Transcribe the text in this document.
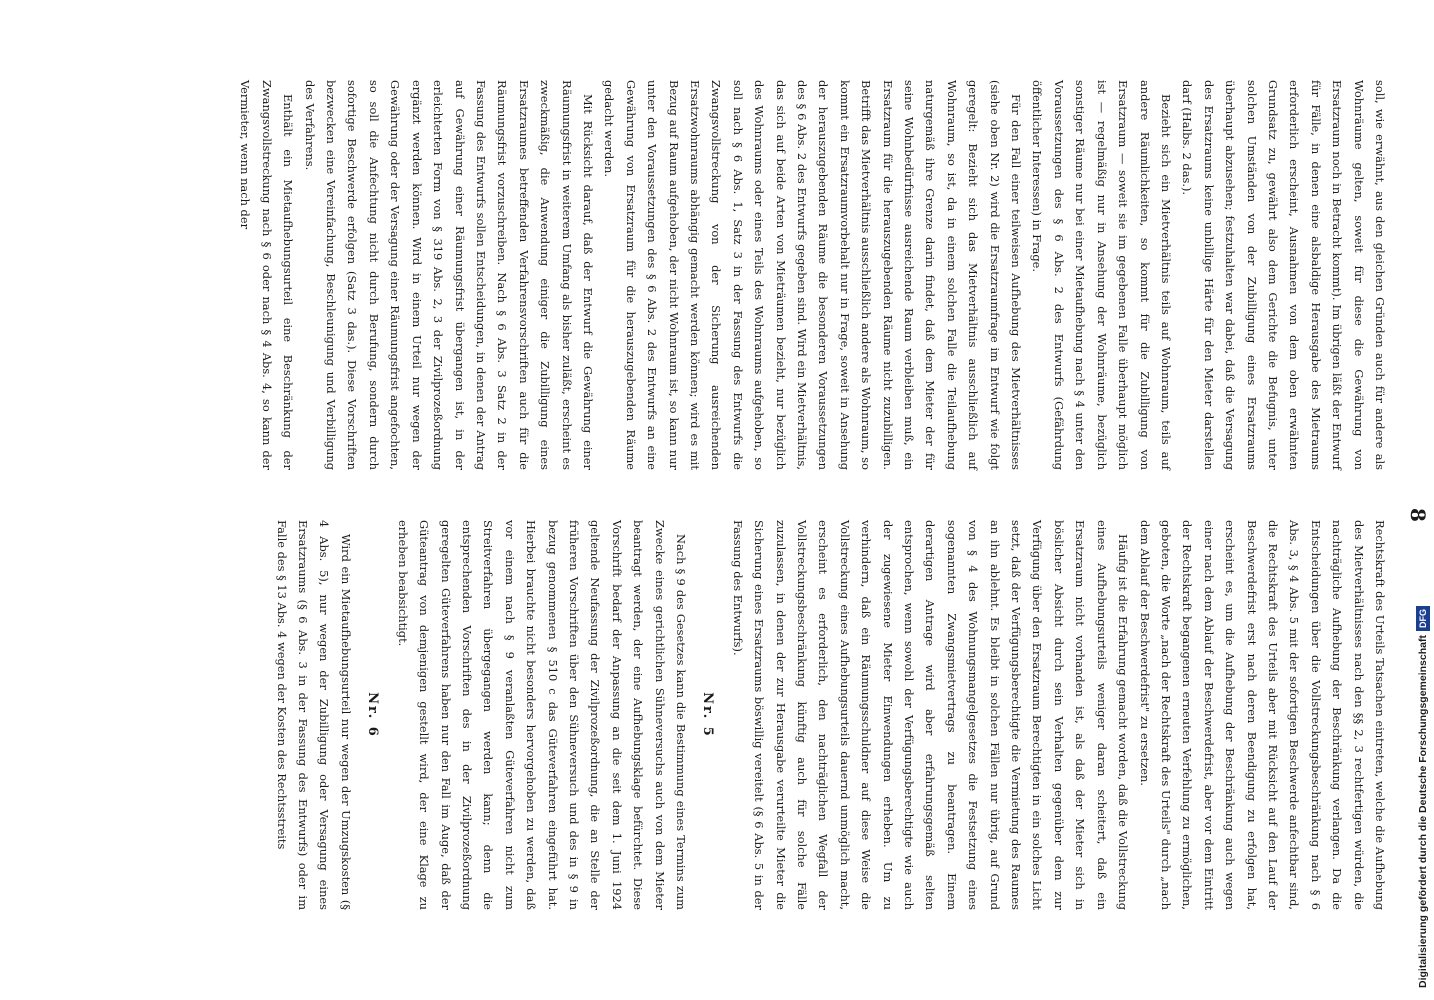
8

soll, wie erwähnt, aus den gleichen Gründen auch für andere als Wohnräume gelten, soweit für diese die Gewährung von Ersatzraum noch in Betracht kommt). Im übrigen läßt der Entwurf für Fälle, in denen eine alsbaldige Herausgabe des Mietraums erforderlich erscheint, Ausnahmen von dem oben erwähnten Grundsatz zu, gewährt also dem Gerichte die Befugnis, unter solchen Umständen von der Zubilligung eines Ersatzraums überhaupt abzusehen; festzuhalten war dabei, daß die Versagung des Ersatzraums keine unbillige Härte für den Mieter darstellen darf (Halbs. 2 das.).

Bezieht sich ein Mietverhältnis teils auf Wohnraum, teils auf andere Räumlichkeiten, so kommt für die Zubilligung von Ersatzraum — soweit sie im gegebenen Falle überhaupt möglich ist — regelmäßig nur in Ansehung der Wohnräume, bezüglich sonstiger Räume nur bei einer Mietaufhebung nach § 4 unter den Voraussetzungen des § 6 Abs. 2 des Entwurfs (Gefährdung öffentlicher Interessen) in Frage.

Für den Fall einer teilweisen Aufhebung des Mietverhältnisses (siehe oben Nr. 2) wird die Ersatzraumfrage im Entwurf wie folgt geregelt: Bezieht sich das Mietverhältnis ausschließlich auf Wohnraum, so ist, da in einem solchen Falle die Teilaufhebung naturgemäß ihre Grenze darin findet, daß dem Mieter der für seine Wohnbedürfnisse ausreichende Raum verbleiben muß, ein Ersatzraum für die herauszugebenden Räume nicht zuzubilligen. Betrifft das Mietverhältnis ausschließlich andere als Wohnraum, so kommt ein Ersatzraumvorbehalt nur in Frage, soweit in Ansehung der herauszugebenden Räume die besonderen Voraussetzungen des § 6 Abs. 2 des Entwurfs gegeben sind. Wird ein Mietverhältnis, das sich auf beide Arten von Mieträumen bezieht, nur bezüglich des Wohnraums oder eines Teils des Wohnraums aufgehoben, so soll nach § 6 Abs. 1, Satz 3 in der Fassung des Entwurfs die Zwangsvollstreckung von der Sicherung ausreichenden Ersatzwohnraums abhängig gemacht werden können; wird es mit Bezug auf Raum aufgehoben, der nicht Wohnraum ist, so kann nur unter den Voraussetzungen des § 6 Abs. 2 des Entwurfs an eine Gewährung von Ersatzraum für die herauszugebenden Räume gedacht werden.

Mit Rücksicht darauf, daß der Entwurf die Gewährung einer Räumungsfrist in weiterem Umfang als bisher zuläßt, erscheint es zweckmäßig, die Anwendung einiger die Zubilligung eines Ersatzraumes betreffenden Verfahrensvorschriften auch für die Räumungsfrist vorzuschreiben. Nach § 6 Abs. 3 Satz 2 in der Fassung des Entwurfs sollen Entscheidungen, in denen der Antrag auf Gewährung einer Räumungsfrist übergangen ist, in der erleichterten Form von § 319 Abs. 2, 3 der Zivilprozeßordnung ergänzt werden können. Wird in einem Urteil nur wegen der Gewährung oder der Versagung einer Räumungsfrist angefochten, so soll die Anfechtung nicht durch Berufung, sondern durch sofortige Beschwerde erfolgen (Satz 3 das.). Diese Vorschriften bezwecken eine Vereinfachung, Beschleunigung und Verbilligung des Verfahrens.

Enthält ein Mietaufhebungsurteil eine Beschränkung der Zwangsvollstreckung nach § 6 oder nach § 4 Abs. 4, so kann der Vermieter, wenn nach der

Rechtskraft des Urteils Tatsachen eintreten, welche die Aufhebung des Mietverhältnisses nach den §§ 2, 3 rechtfertigen würden, die nachträgliche Aufhebung der Beschränkung verlangen. Da die Entscheidungen über die Vollstreckungsbeschränkung nach § 6 Abs. 3, § 4 Abs. 5 mit der sofortigen Beschwerde anfechtbar sind, die Rechtskraft des Urteils aber mit Rücksicht auf den Lauf der Beschwerdefrist erst nach deren Beendigung zu erfolgen hat, erscheint es, um die Aufhebung der Beschränkung auch wegen einer nach dem Ablauf der Beschwerdefrist, aber vor dem Eintritt der Rechtskraft begangenen erneuten Verfehlung zu ermöglichen, geboten, die Worte „nach der Rechtskraft des Urteils" durch „nach dem Ablauf der Beschwerdefrist" zu ersetzen.

Häufig ist die Erfahrung gemacht worden, daß die Vollstreckung eines Aufhebungsurteils weniger daran scheitert, daß ein Ersatzraum nicht vorhanden ist, als daß der Mieter sich in böslicher Absicht durch sein Verhalten gegenüber dem zur Verfügung über den Ersatzraum Berechtigten in ein solches Licht setzt, daß der Verfügungsberechtigte die Vermietung des Raumes an ihn ablehnt. Es bleibt in solchen Fällen nur übrig, auf Grund von § 4 des Wohnungsmangelgesetzes die Festsetzung eines sogenannten Zwangsmietvertrags zu beantragen. Einem derartigen Antrage wird aber erfahrungsgemäß selten entsprochen, wenn sowohl der Verfügungsberechtigte wie auch der zugewiesene Mieter Einwendungen erheben. Um zu verhindern, daß ein Räumungsschuldner auf diese Weise die Vollstreckung eines Aufhebungsurteils dauernd unmöglich macht, erscheint es erforderlich, den nachträglichen Wegfall der Vollstreckungsbeschränkung künftig auch für solche Fälle zuzulassen, in denen der zur Herausgabe verurteilte Mieter die Sicherung eines Ersatzraums böswillig vereitelt (§ 6 Abs. 5 in der Fassung des Entwurfs).

Nr. 5

Nach § 9 des Gesetzes kann die Bestimmung eines Termins zum Zwecke eines gerichtlichen Sühneversuchs auch von dem Mieter beantragt werden, der eine Aufhebungsklage befürchtet. Diese Vorschrift bedarf der Anpassung an die seit dem 1. Juni 1924 geltende Neufassung der Zivilprozeßordnung, die an Stelle der früheren Vorschriften über den Sühneversuch und des in § 9 in bezug genommenen § 510 c das Güteverfahren eingeführt hat. Hierbei brauchte nicht besonders hervorgehoben zu werden, daß vor einem nach § 9 veranlaßten Güteverfahren nicht zum Streitverfahren übergegangen werden kann; denn die entsprechenden Vorschriften des in der Zivilprozeßordnung geregelten Güteverfahrens haben nur den Fall im Auge, daß der Güteantrag von demjenigen gestellt wird, der eine Klage zu erheben beabsichtigt.

Nr. 6

Wird ein Mietaufhebungsurteil nur wegen der Umzugskosten (§ 4 Abs. 5), nur wegen der Zubilligung oder Versagung eines Ersatzraums (§ 6 Abs. 3 in der Fassung des Entwurfs) oder im Falle des § 13 Abs. 4 wegen der Kosten des Rechtsstreits	Digitalisierung gefördert durch die Deutsche Forschungsgemeinschaft
DFG
